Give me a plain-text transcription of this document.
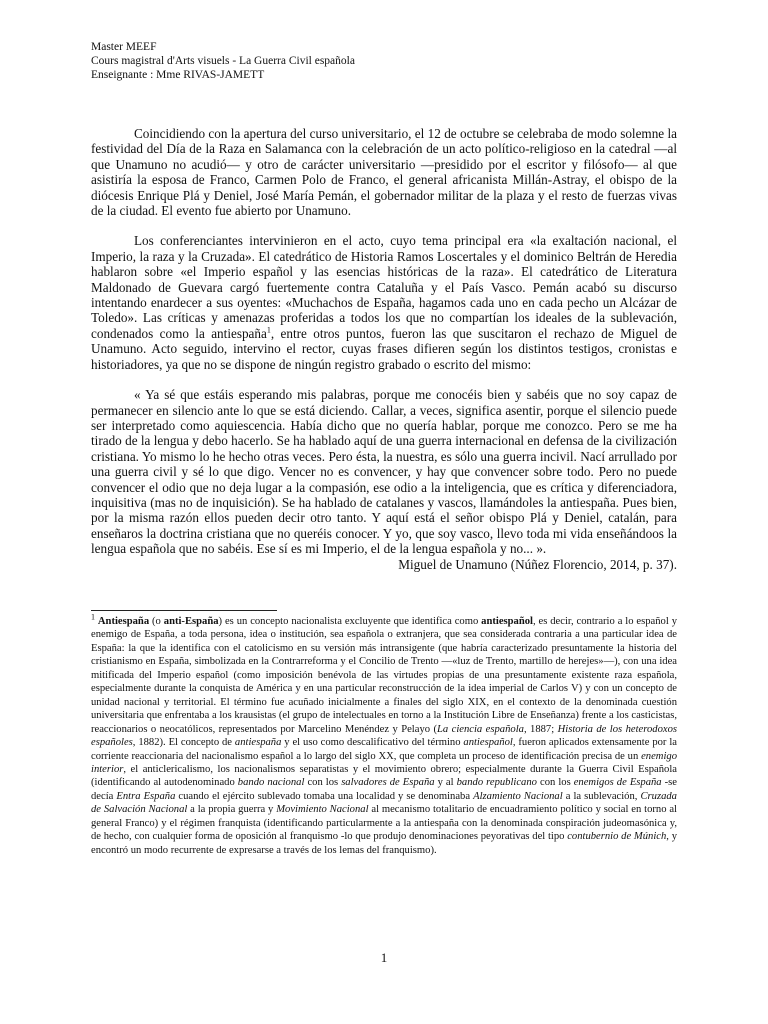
Master MEEF
Cours magistral d'Arts visuels - La Guerra Civil española
Enseignante : Mme RIVAS-JAMETT

Coincidiendo con la apertura del curso universitario, el 12 de octubre se celebraba de modo solemne la festividad del Día de la Raza en Salamanca con la celebración de un acto político-religioso en la catedral —al que Unamuno no acudió— y otro de carácter universitario —presidido por el escritor y filósofo— al que asistiría la esposa de Franco, Carmen Polo de Franco, el general africanista Millán-Astray, el obispo de la diócesis Enrique Plá y Deniel, José María Pemán, el gobernador militar de la plaza y el resto de fuerzas vivas de la ciudad. El evento fue abierto por Unamuno.

Los conferenciantes intervinieron en el acto, cuyo tema principal era «la exaltación nacional, el Imperio, la raza y la Cruzada». El catedrático de Historia Ramos Loscertales y el dominico Beltrán de Heredia hablaron sobre «el Imperio español y las esencias históricas de la raza». El catedrático de Literatura Maldonado de Guevara cargó fuertemente contra Cataluña y el País Vasco. Pemán acabó su discurso intentando enardecer a sus oyentes: «Muchachos de España, hagamos cada uno en cada pecho un Alcázar de Toledo». Las críticas y amenazas proferidas a todos los que no compartían los ideales de la sublevación, condenados como la antiespaña$^1$, entre otros puntos, fueron las que suscitaron el rechazo de Miguel de Unamuno. Acto seguido, intervino el rector, cuyas frases difieren según los distintos testigos, cronistas e historiadores, ya que no se dispone de ningún registro grabado o escrito del mismo:

« Ya sé que estáis esperando mis palabras, porque me conocéis bien y sabéis que no soy capaz de permanecer en silencio ante lo que se está diciendo. Callar, a veces, significa asentir, porque el silencio puede ser interpretado como aquiescencia. Había dicho que no quería hablar, porque me conozco. Pero se me ha tirado de la lengua y debo hacerlo. Se ha hablado aquí de una guerra internacional en defensa de la civilización cristiana. Yo mismo lo he hecho otras veces. Pero ésta, la nuestra, es sólo una guerra incivil. Nací arrullado por una guerra civil y sé lo que digo. Vencer no es convencer, y hay que convencer sobre todo. Pero no puede convencer el odio que no deja lugar a la compasión, ese odio a la inteligencia, que es crítica y diferenciadora, inquisitiva (mas no de inquisición). Se ha hablado de catalanes y vascos, llamándoles la antiespaña. Pues bien, por la misma razón ellos pueden decir otro tanto. Y aquí está el señor obispo Plá y Deniel, catalán, para enseñaros la doctrina cristiana que no queréis conocer. Y yo, que soy vasco, llevo toda mi vida enseñándoos la lengua española que no sabéis. Ese sí es mi Imperio, el de la lengua española y no... ».

Miguel de Unamuno (Núñez Florencio, 2014, p. 37).

$^1$ Antiespaña (o anti-España) es un concepto nacionalista excluyente que identifica como antiespañol, es decir, contrario a lo español y enemigo de España, a toda persona, idea o institución, sea española o extranjera, que sea considerada contraria a una particular idea de España: la que la identifica con el catolicismo en su versión más intransigente (que habría caracterizado presuntamente la historia del cristianismo en España, simbolizada en la Contrarreforma y el Concilio de Trento —«luz de Trento, martillo de herejes»—), con una idea mitificada del Imperio español (como imposición benévola de las virtudes propias de una presuntamente existente raza española, especialmente durante la conquista de América y en una particular reconstrucción de la idea imperial de Carlos V) y con un concepto de unidad nacional y territorial. El término fue acuñado inicialmente a finales del siglo XIX, en el contexto de la denominada cuestión universitaria que enfrentaba a los krausistas (el grupo de intelectuales en torno a la Institución Libre de Enseñanza) frente a los casticistas, reaccionarios o neocatólicos, representados por Marcelino Menéndez y Pelayo (La ciencia española, 1887; Historia de los heterodoxos españoles, 1882). El concepto de antiespaña y el uso como descalificativo del término antiespañol, fueron aplicados extensamente por la corriente reaccionaria del nacionalismo español a lo largo del siglo XX, que completa un proceso de identificación precisa de un enemigo interior, el anticlericalismo, los nacionalismos separatistas y el movimiento obrero; especialmente durante la Guerra Civil Española (identificando al autodenominado bando nacional con los salvadores de España y al bando republicano con los enemigos de España -se decía Entra España cuando el ejército sublevado tomaba una localidad y se denominaba Alzamiento Nacional a la sublevación, Cruzada de Salvación Nacional a la propia guerra y Movimiento Nacional al mecanismo totalitario de encuadramiento político y social en torno al general Franco) y el régimen franquista (identificando particularmente a la antiespaña con la denominada conspiración judeomasónica y, de hecho, con cualquier forma de oposición al franquismo -lo que produjo denominaciones peyorativas del tipo contubernio de Múnich, y encontró un modo recurrente de expresarse a través de los lemas del franquismo).

1
